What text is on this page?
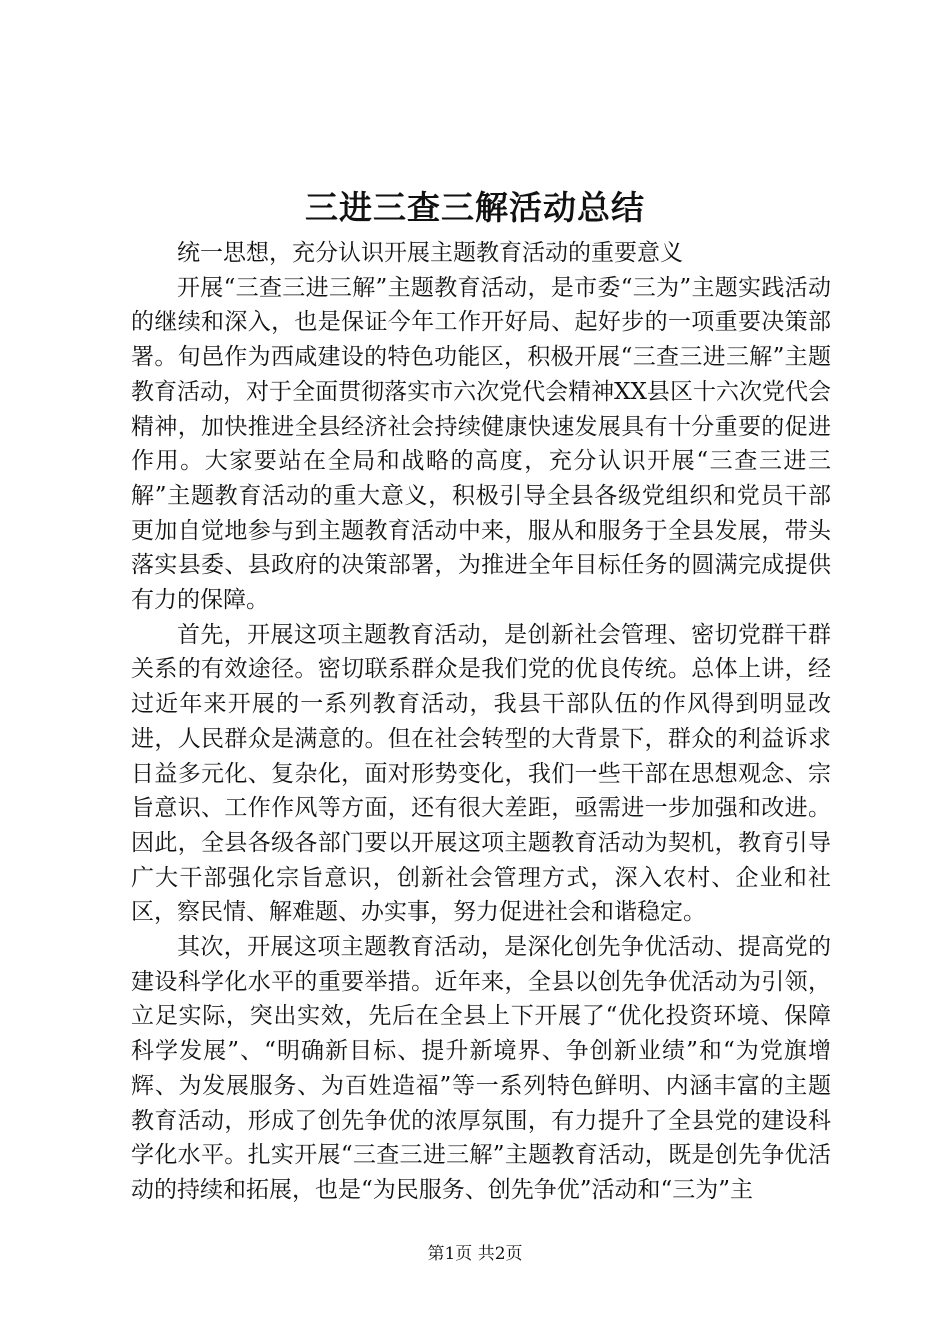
三进三查三解活动总结

统一思想，充分认识开展主题教育活动的重要意义

开展“三查三进三解”主题教育活动，是市委“三为”主题实践活动的继续和深入，也是保证今年工作开好局、起好步的一项重要决策部署。旬邑作为西咸建设的特色功能区，积极开展“三查三进三解”主题教育活动，对于全面贯彻落实市六次党代会精神XX县区十六次党代会精神，加快推进全县经济社会持续健康快速发展具有十分重要的促进作用。大家要站在全局和战略的高度，充分认识开展“三查三进三解”主题教育活动的重大意义，积极引导全县各级党组织和党员干部更加自觉地参与到主题教育活动中来，服从和服务于全县发展，带头落实县委、县政府的决策部署，为推进全年目标任务的圆满完成提供有力的保障。

首先，开展这项主题教育活动，是创新社会管理、密切党群干群关系的有效途径。密切联系群众是我们党的优良传统。总体上讲，经过近年来开展的一系列教育活动，我县干部队伍的作风得到明显改进，人民群众是满意的。但在社会转型的大背景下，群众的利益诉求日益多元化、复杂化，面对形势变化，我们一些干部在思想观念、宗旨意识、工作作风等方面，还有很大差距，亟需进一步加强和改进。因此，全县各级各部门要以开展这项主题教育活动为契机，教育引导广大干部强化宗旨意识，创新社会管理方式，深入农村、企业和社区，察民情、解难题、办实事，努力促进社会和谐稳定。

其次，开展这项主题教育活动，是深化创先争优活动、提高党的建设科学化水平的重要举措。近年来，全县以创先争优活动为引领，立足实际，突出实效，先后在全县上下开展了“优化投资环境、保障科学发展”、“明确新目标、提升新境界、争创新业绩”和“为党旗增辉、为发展服务、为百姓造福”等一系列特色鲜明、内涵丰富的主题教育活动，形成了创先争优的浓厚氛围，有力提升了全县党的建设科学化水平。扎实开展“三查三进三解”主题教育活动，既是创先争优活动的持续和拓展，也是“为民服务、创先争优”活动和“三为”主

第1页 共2页
